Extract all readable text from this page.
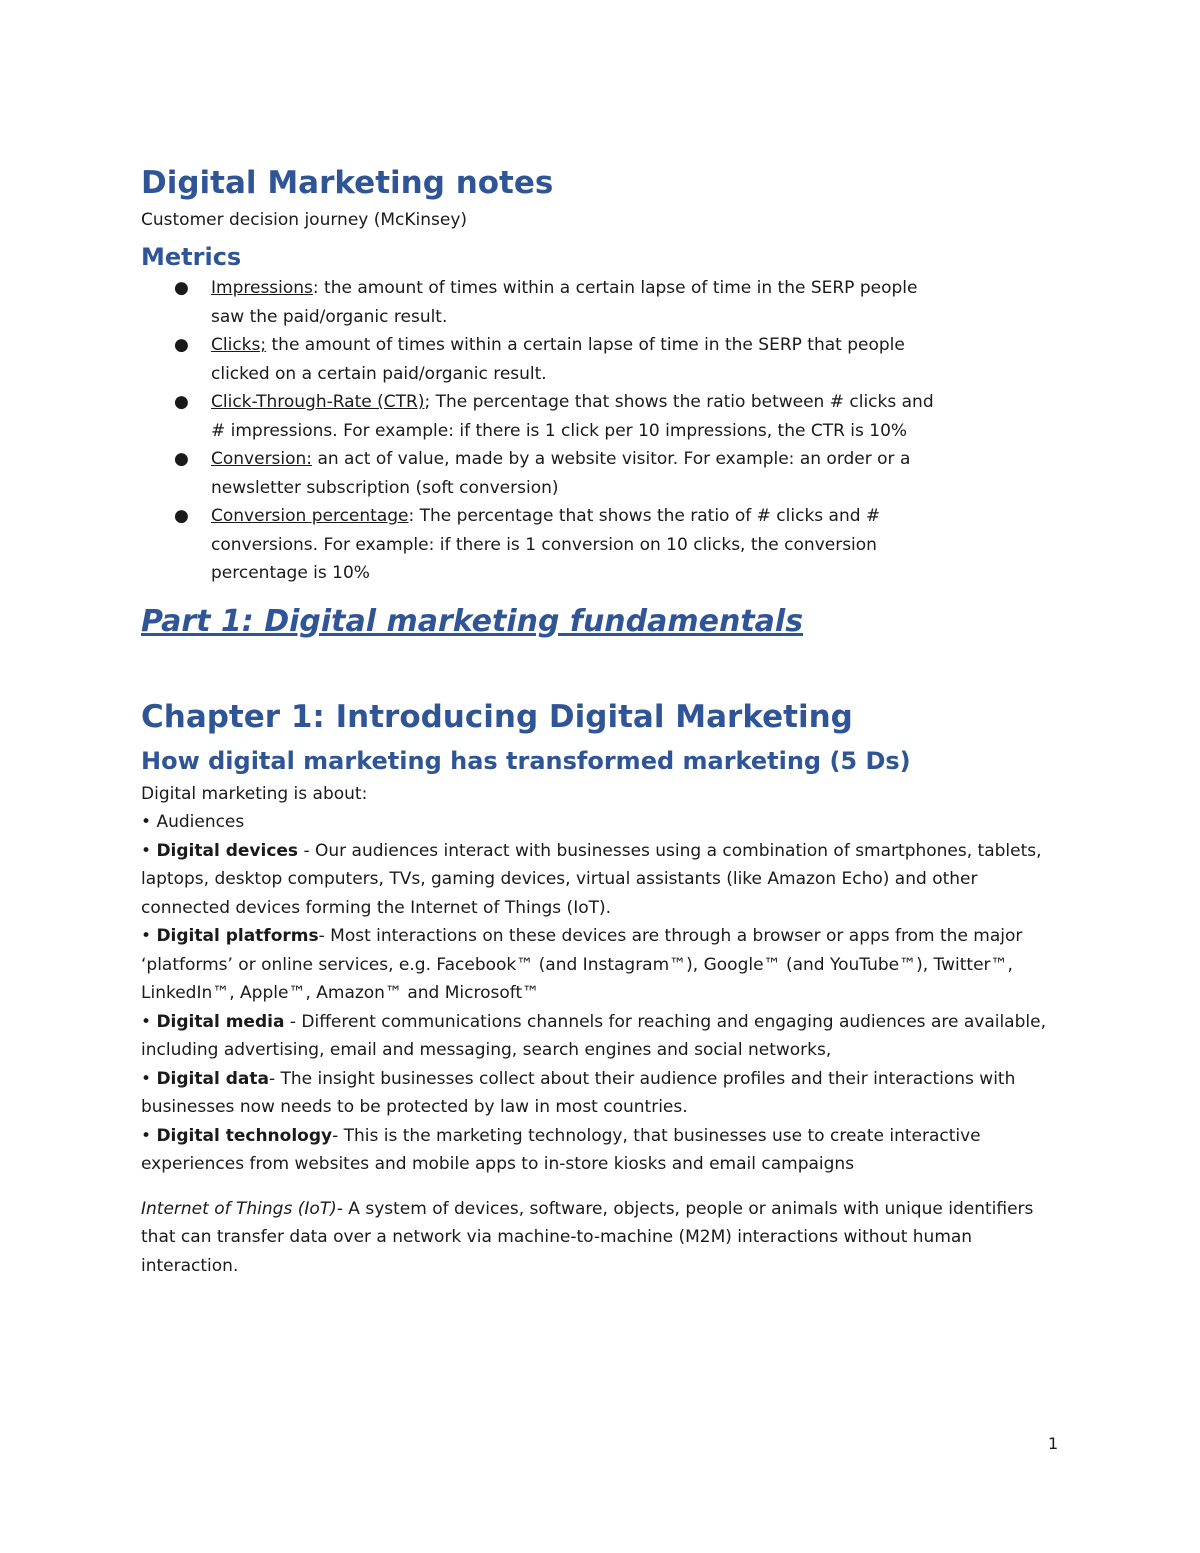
Digital Marketing notes

Customer decision journey (McKinsey)

Metrics
● Impressions: the amount of times within a certain lapse of time in the SERP people saw the paid/organic result.
● Clicks; the amount of times within a certain lapse of time in the SERP that people clicked on a certain paid/organic result.
● Click-Through-Rate (CTR); The percentage that shows the ratio between # clicks and # impressions. For example: if there is 1 click per 10 impressions, the CTR is 10%
● Conversion: an act of value, made by a website visitor. For example: an order or a newsletter subscription (soft conversion)
● Conversion percentage: The percentage that shows the ratio of # clicks and # conversions. For example: if there is 1 conversion on 10 clicks, the conversion percentage is 10%
Part 1: Digital marketing fundamentals
Chapter 1: Introducing Digital Marketing
How digital marketing has transformed marketing (5 Ds)

Digital marketing is about:

• Audiences

• Digital devices - Our audiences interact with businesses using a combination of smartphones, tablets, laptops, desktop computers, TVs, gaming devices, virtual assistants (like Amazon Echo) and other connected devices forming the Internet of Things (IoT).

• Digital platforms- Most interactions on these devices are through a browser or apps from the major ‘platforms’ or online services, e.g. Facebook™ (and Instagram™), Google™ (and YouTube™), Twitter™, LinkedIn™, Apple™, Amazon™ and Microsoft™

• Digital media - Different communications channels for reaching and engaging audiences are available, including advertising, email and messaging, search engines and social networks,

• Digital data- The insight businesses collect about their audience profiles and their interactions with businesses now needs to be protected by law in most countries.

• Digital technology- This is the marketing technology, that businesses use to create interactive experiences from websites and mobile apps to in-store kiosks and email campaigns

Internet of Things (IoT)- A system of devices, software, objects, people or animals with unique identifiers that can transfer data over a network via machine-to-machine (M2M) interactions without human interaction.

1
